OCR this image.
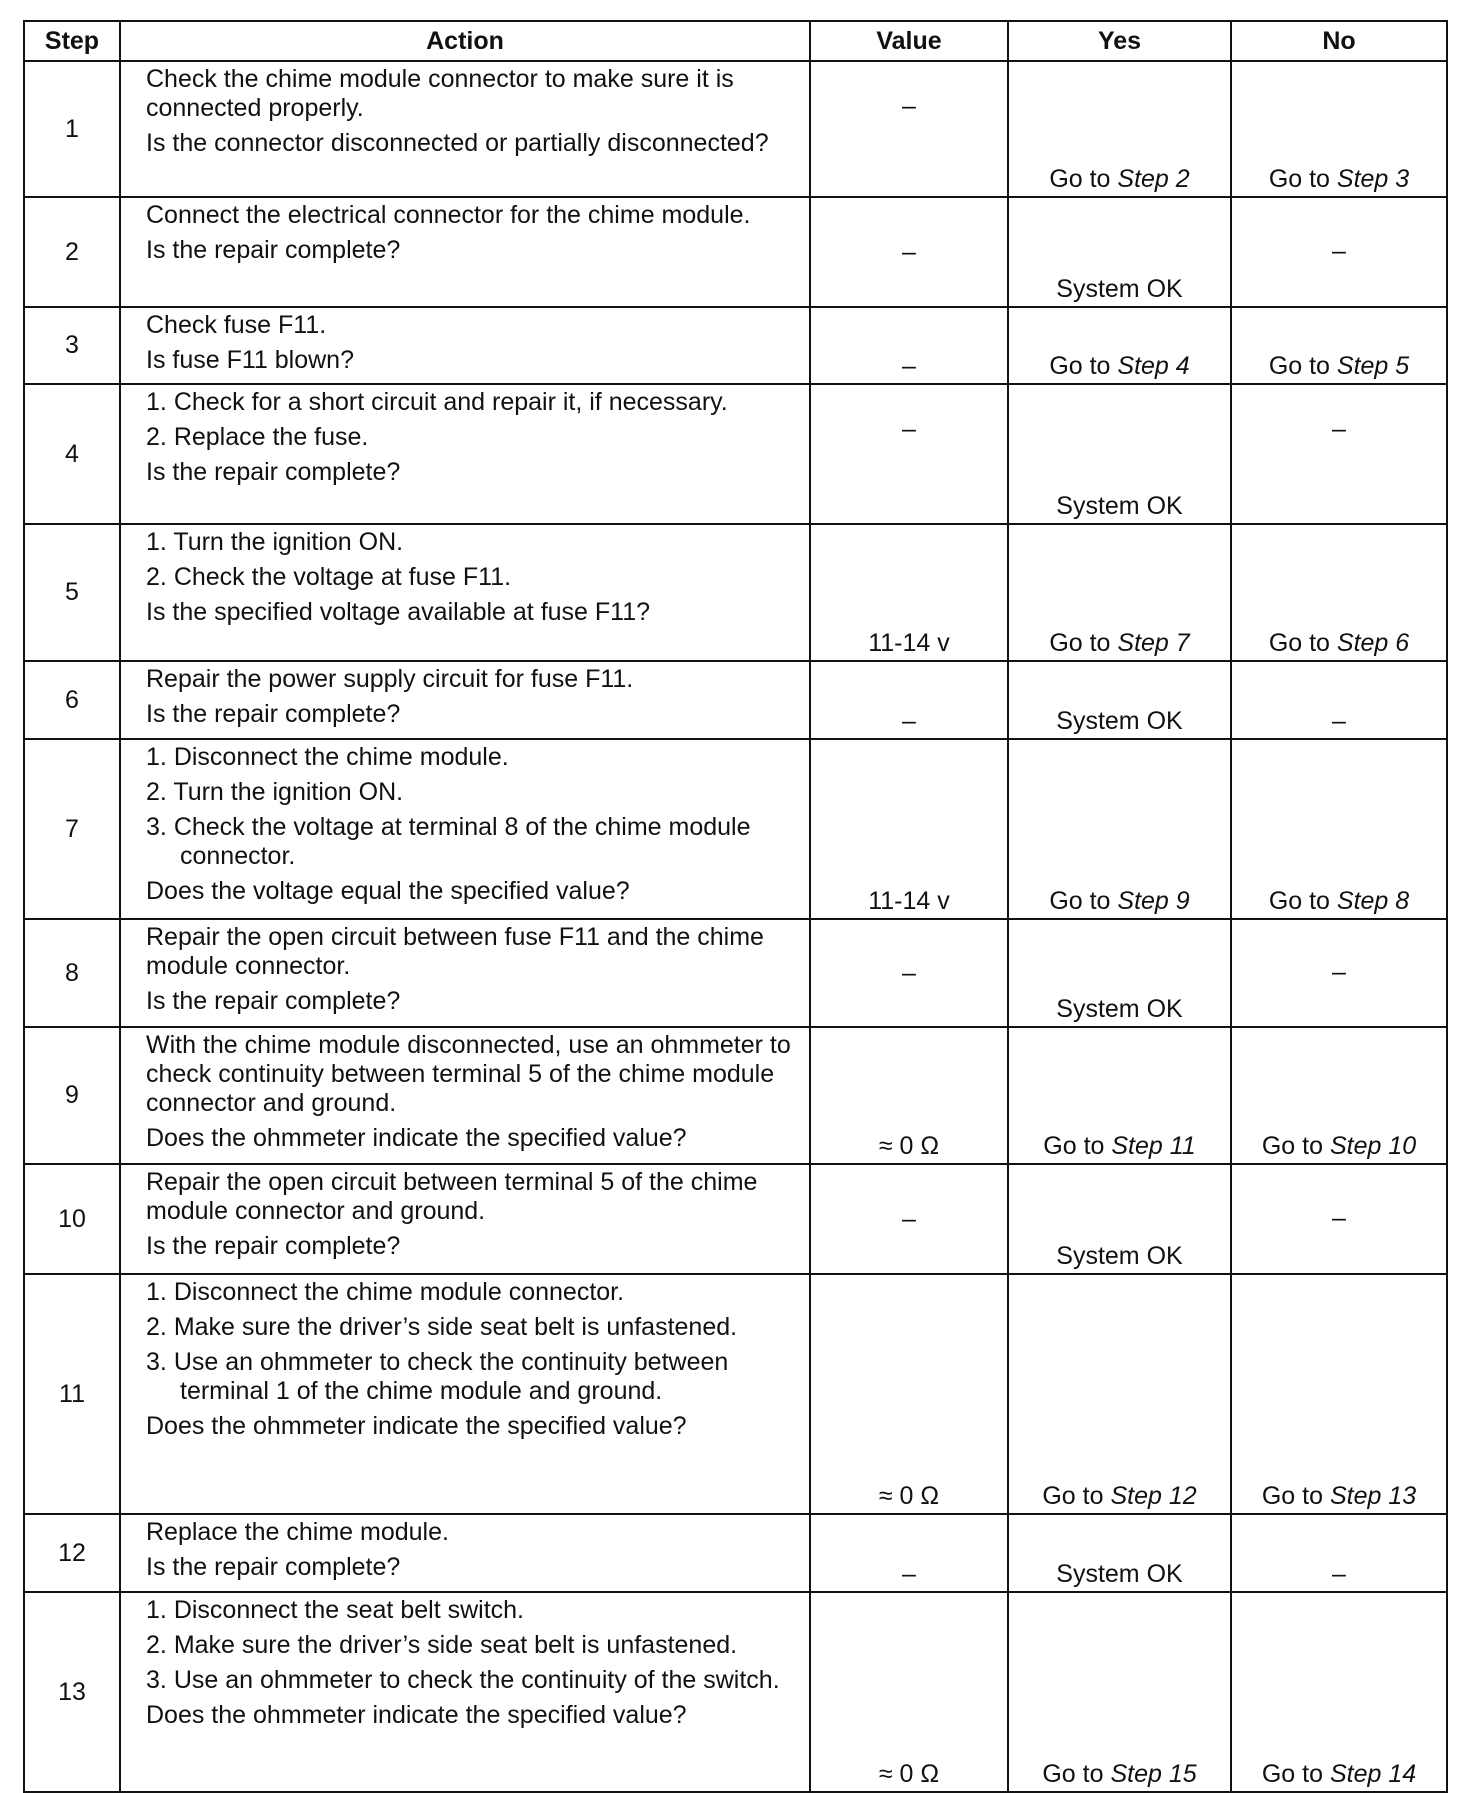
Step	Action	Value	Yes	No
1	Check the chime module connector to make sure it is connected properly.
Is the connector disconnected or partially disconnected?	–	Go to Step 2	Go to Step 3
2	Connect the electrical connector for the chime module.
Is the repair complete?	–	System OK	–
3	Check fuse F11.
Is fuse F11 blown?	–	Go to Step 4	Go to Step 5
4	1. Check for a short circuit and repair it, if necessary.
2. Replace the fuse.
Is the repair complete?	–	System OK	–
5	1. Turn the ignition ON.
2. Check the voltage at fuse F11.
Is the specified voltage available at fuse F11?	11-14 v	Go to Step 7	Go to Step 6
6	Repair the power supply circuit for fuse F11.
Is the repair complete?	–	System OK	–
7	1. Disconnect the chime module.
2. Turn the ignition ON.
3. Check the voltage at terminal 8 of the chime module connector.
Does the voltage equal the specified value?	11-14 v	Go to Step 9	Go to Step 8
8	Repair the open circuit between fuse F11 and the chime module connector.
Is the repair complete?	–	System OK	–
9	With the chime module disconnected, use an ohmmeter to check continuity between terminal 5 of the chime module connector and ground.
Does the ohmmeter indicate the specified value?	≈ 0 Ω	Go to Step 11	Go to Step 10
10	Repair the open circuit between terminal 5 of the chime module connector and ground.
Is the repair complete?	–	System OK	–
11	1. Disconnect the chime module connector.
2. Make sure the driver’s side seat belt is unfastened.
3. Use an ohmmeter to check the continuity between terminal 1 of the chime module and ground.
Does the ohmmeter indicate the specified value?	≈ 0 Ω	Go to Step 12	Go to Step 13
12	Replace the chime module.
Is the repair complete?	–	System OK	–
13	1. Disconnect the seat belt switch.
2. Make sure the driver’s side seat belt is unfastened.
3. Use an ohmmeter to check the continuity of the switch.
Does the ohmmeter indicate the specified value?	≈ 0 Ω	Go to Step 15	Go to Step 14
